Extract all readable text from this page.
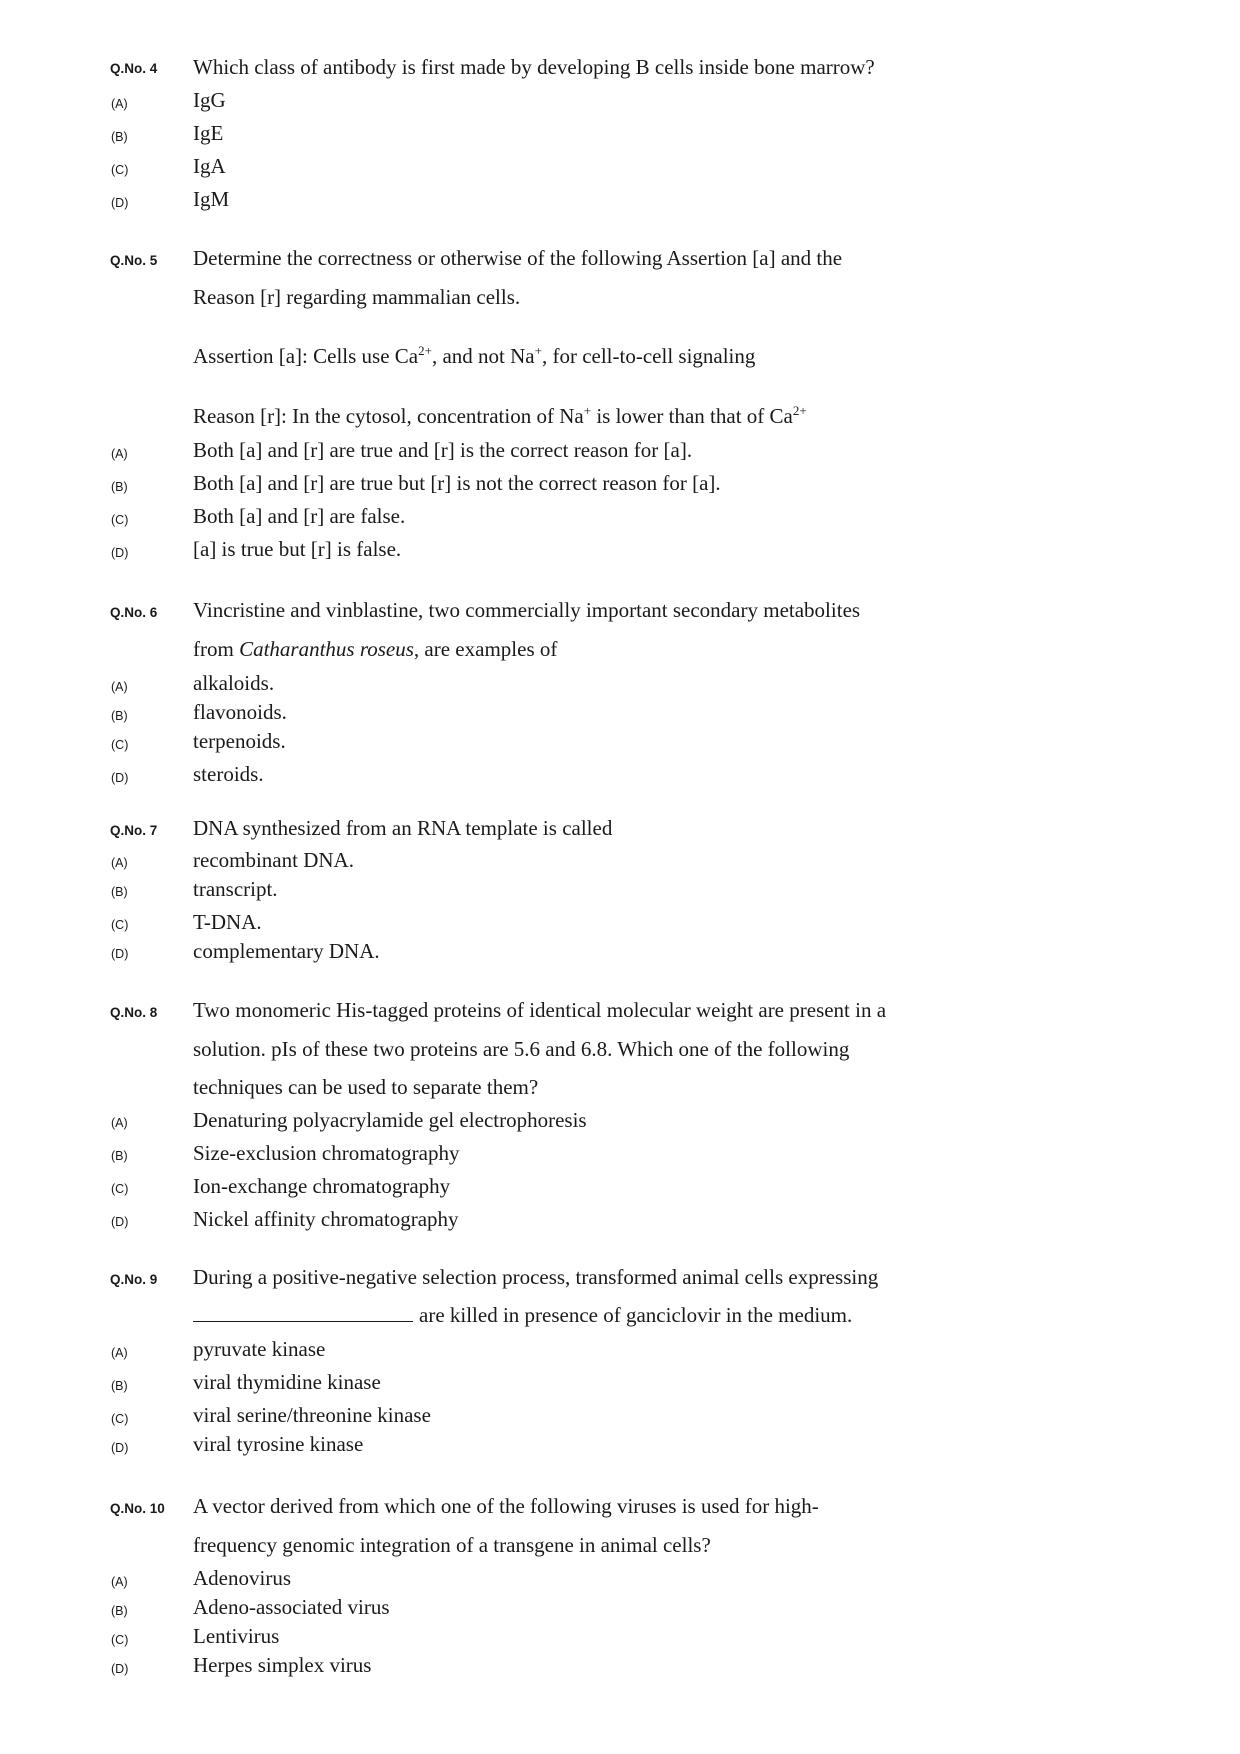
Q.No. 4 Which class of antibody is first made by developing B cells inside bone marrow?
(A)	IgG
(B)	IgE
(C)	IgA
(D)	IgM
Q.No. 5 Determine the correctness or otherwise of the following Assertion [a] and the
Reason [r] regarding mammalian cells.
Assertion [a]: Cells use $Ca^{2+}$, and not Na+, for cell-to-cell signaling
Reason [r]: In the cytosol, concentration of Na+ is lower than that of $Ca^{2+}$
(A)	Both [a] and [r] are true and [r] is the correct reason for [a].
(B)	Both [a] and [r] are true but [r] is not the correct reason for [a].
(C)	Both [a] and [r] are false.
(D)	[a] is true but [r] is false.
Q.No. 6 Vincristine and vinblastine, two commercially important secondary metabolites
from Catharanthus roseus, are examples of
(A)	alkaloids.
(B)	flavonoids.
(C)	terpenoids.
(D)	steroids.
Q.No. 7 DNA synthesized from an RNA template is called
(A)	recombinant DNA.
(B)	transcript.
(C)	T-DNA.
(D)	complementary DNA.
Q.No. 8 Two monomeric His-tagged proteins of identical molecular weight are present in a
solution. pIs of these two proteins are 5.6 and 6.8. Which one of the following
techniques can be used to separate them?
(A)	Denaturing polyacrylamide gel electrophoresis
(B)	Size-exclusion chromatography
(C)	Ion-exchange chromatography
(D)	Nickel affinity chromatography
Q.No. 9 During a positive-negative selection process, transformed animal cells expressing
are killed in presence of ganciclovir in the medium.
(A)	pyruvate kinase
(B)	viral thymidine kinase
(C)	viral serine/threonine kinase
(D)	viral tyrosine kinase
Q.No. 10 A vector derived from which one of the following viruses is used for high-
frequency genomic integration of a transgene in animal cells?
(A)	Adenovirus
(B)	Adeno-associated virus
(C)	Lentivirus
(D)	Herpes simplex virus
